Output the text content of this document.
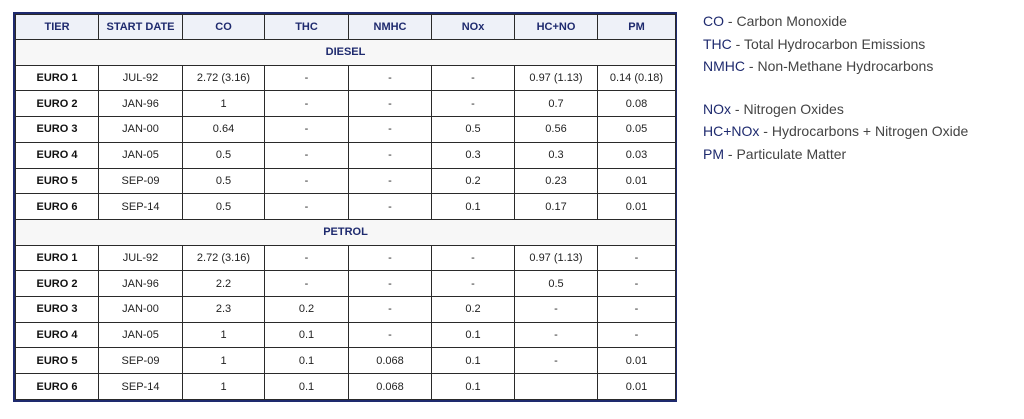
TIER	START DATE	CO	THC	NMHC	NOx	HC+NO	PM
DIESEL							
EURO 1	JUL-92	2.72 (3.16)	-	-	-	0.97 (1.13)	0.14 (0.18)
EURO 2	JAN-96	1	-	-	-	0.7	0.08
EURO 3	JAN-00	0.64	-	-	0.5	0.56	0.05
EURO 4	JAN-05	0.5	-	-	0.3	0.3	0.03
EURO 5	SEP-09	0.5	-	-	0.2	0.23	0.01
EURO 6	SEP-14	0.5	-	-	0.1	0.17	0.01
PETROL							
EURO 1	JUL-92	2.72 (3.16)	-	-	-	0.97 (1.13)	-
EURO 2	JAN-96	2.2	-	-	-	0.5	-
EURO 3	JAN-00	2.3	0.2	-	0.2	-	-
EURO 4	JAN-05	1	0.1	-	0.1	-	-
EURO 5	SEP-09	1	0.1	0.068	0.1	-	0.01
EURO 6	SEP-14	1	0.1	0.068	0.1		0.01
CO - Carbon Monoxide
THC - Total Hydrocarbon Emissions
NMHC - Non-Methane Hydrocarbons
NOx - Nitrogen Oxides
HC+NOx - Hydrocarbons + Nitrogen Oxide
PM - Particulate Matter
